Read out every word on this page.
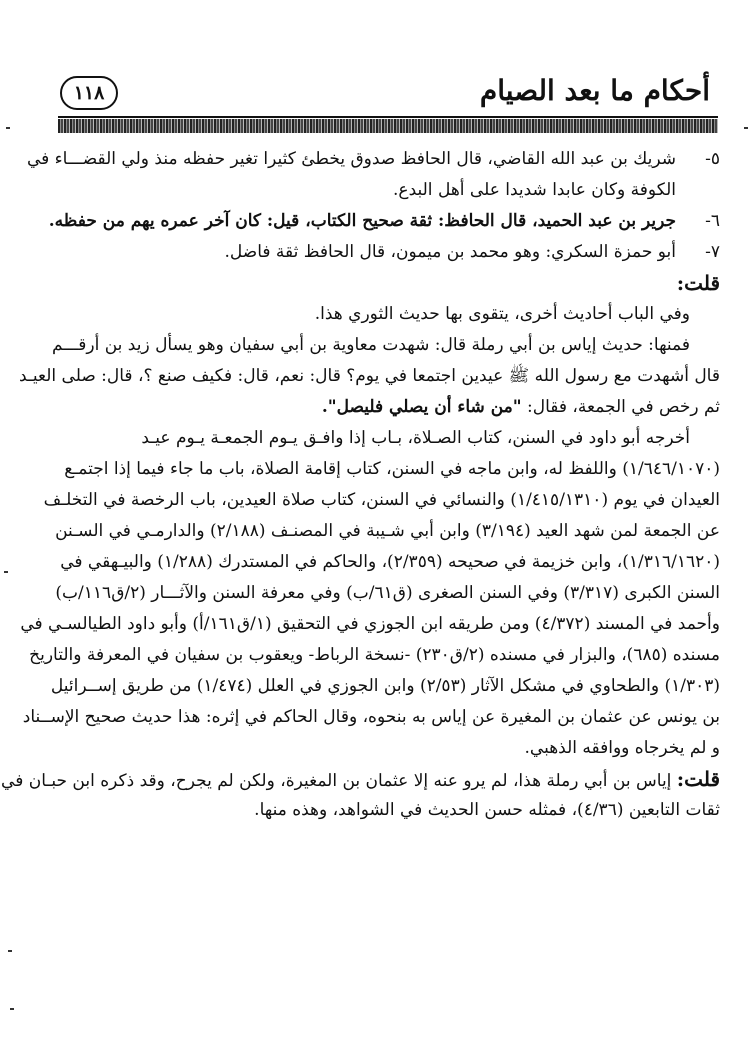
١١٨	أحكام ما بعد الصيام
٥-
شريك بن عبد الله القاضي، قال الحافظ صدوق يخطئ كثيرا تغير حفظه منذ ولي القضـــاء في
الكوفة وكان عابدا شديدا على أهل البدع.
٦-
جرير بن عبد الحميد، قال الحافظ: ثقة صحيح الكتاب، قيل: كان آخر عمره يهم من حفظه.
٧-
أبو حمزة السكري: وهو محمد بن ميمون، قال الحافظ ثقة فاضل.
قلت:
وفي الباب أحاديث أخرى، يتقوى بها حديث الثوري هذا.
فمنها: حديث إياس بن أبي رملة قال: شهدت معاوية بن أبي سفيان وهو يسأل زيد بن أرقـــم
قال أشهدت مع رسول الله ﷺ عيدين اجتمعا في يوم؟ قال: نعم، قال: فكيف صنع ؟، قال: صلى العيـد
ثم رخص في الجمعة، فقال: "من شاء أن يصلي فليصل".
أخرجه أبو داود في السنن، كتاب الصـلاة، بـاب إذا وافـق يـوم الجمعـة يـوم عيـد
(١/٦٤٦/١٠٧٠) واللفظ له، وابن ماجه في السنن، كتاب إقامة الصلاة، باب ما جاء فيما إذا اجتمـع
العيدان في يوم (١/٤١٥/١٣١٠) والنسائي في السنن، كتاب صلاة العيدين، باب الرخصة في التخلـف
عن الجمعة لمن شهد العيد (٣/١٩٤) وابن أبي شـيبة في المصنـف (٢/١٨٨) والدارمـي في السـنن
(١/٣١٦/١٦٢٠)، وابن خزيمة في صحيحه (٢/٣٥٩)، والحاكم في المستدرك (١/٢٨٨) والبيـهقي في
السنن الكبرى (٣/٣١٧) وفي السنن الصغرى (ق٦١/ب) وفي معرفة السنن والآثـــار (٢/ق١١٦/ب)
وأحمد في المسند (٤/٣٧٢) ومن طريقه ابن الجوزي في التحقيق (١/ق١٦١/أ) وأبو داود الطيالسـي في
مسنده (٦٨٥)، والبزار في مسنده (٢/ق٢٣٠) -نسخة الرباط- ويعقوب بن سفيان في المعرفة والتاريخ
(١/٣٠٣) والطحاوي في مشكل الآثار (٢/٥٣) وابن الجوزي في العلل (١/٤٧٤) من طريق إســرائيل
بن يونس عن عثمان بن المغيرة عن إياس به بنحوه، وقال الحاكم في إثره: هذا حديث صحيح الإســناد
و لم يخرجاه ووافقه الذهبي.
قلت: إياس بن أبي رملة هذا، لم يرو عنه إلا عثمان بن المغيرة، ولكن لم يجرح، وقد ذكره ابن حبـان في
ثقات التابعين (٤/٣٦)، فمثله حسن الحديث في الشواهد، وهذه منها.
